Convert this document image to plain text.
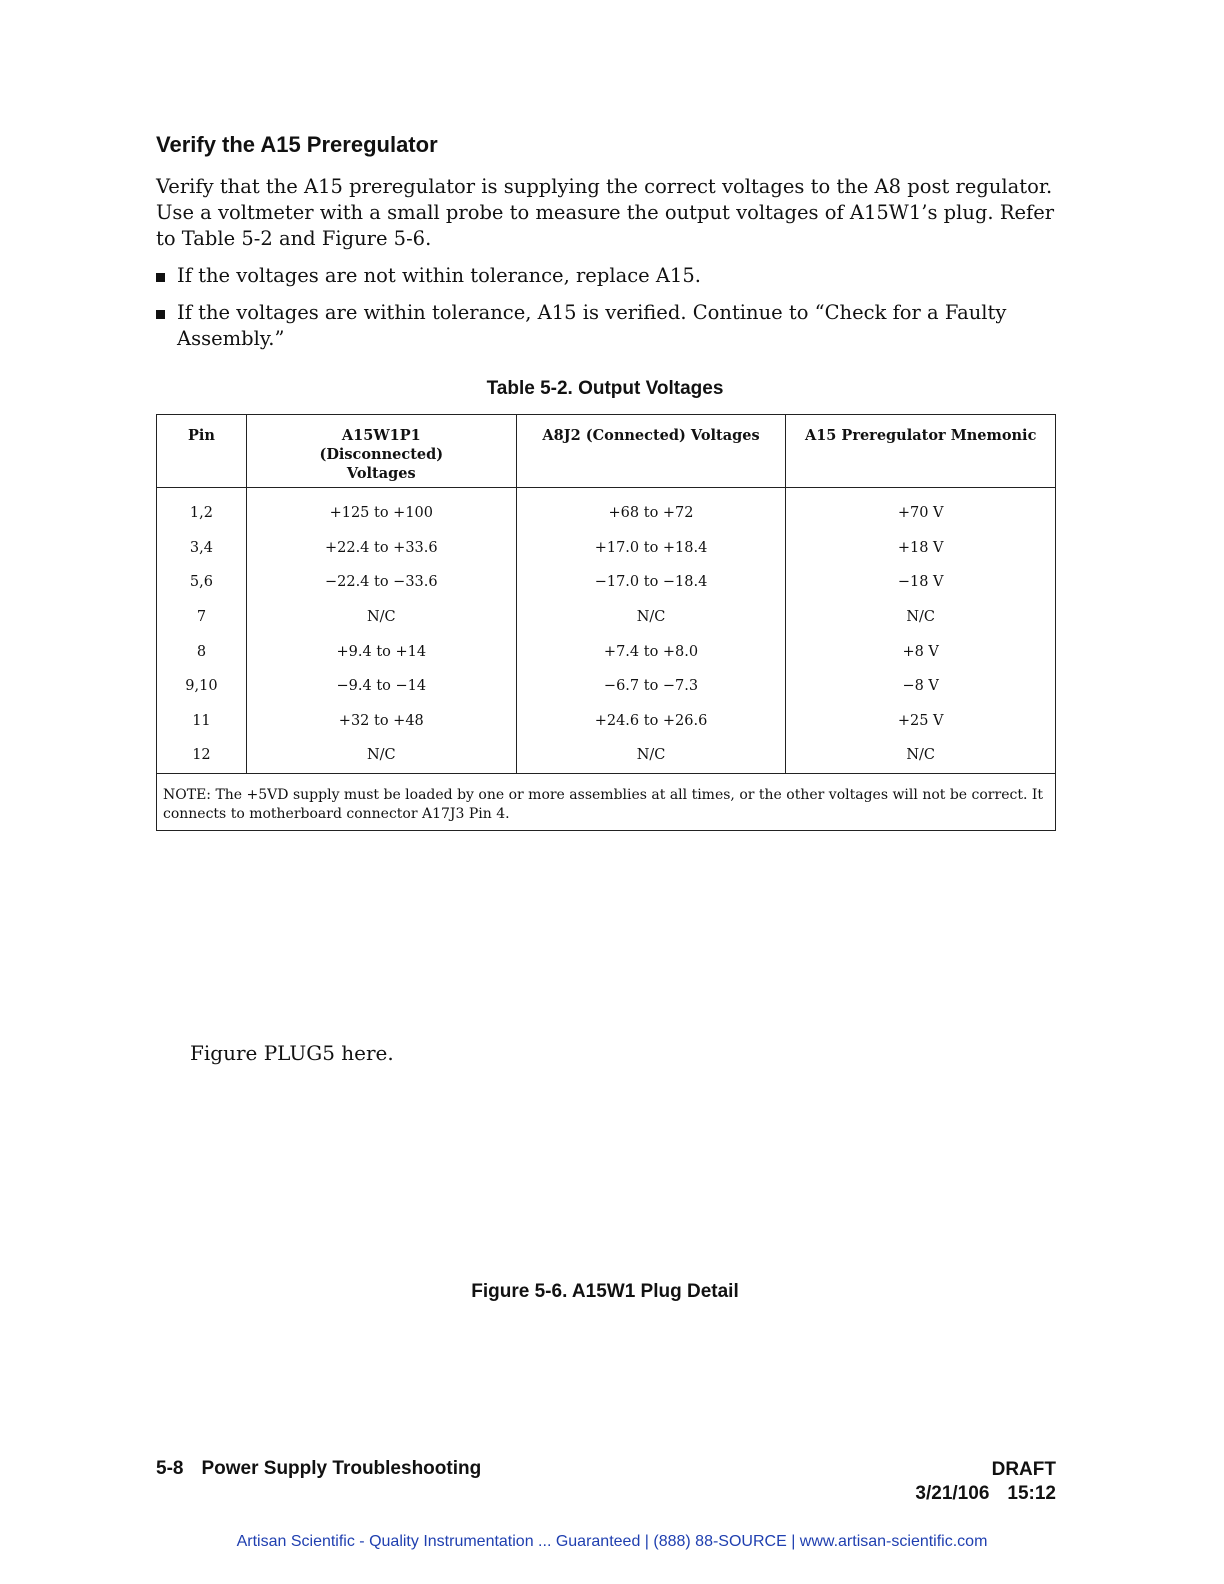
Verify the A15 Preregulator
Verify that the A15 preregulator is supplying the correct voltages to the A8 post regulator. Use a voltmeter with a small probe to measure the output voltages of A15W1’s plug. Refer to Table 5-2 and Figure 5-6.
If the voltages are not within tolerance, replace A15.
If the voltages are within tolerance, A15 is verified. Continue to “Check for a Faulty Assembly.”
Table 5-2. Output Voltages
Pin	A15W1P1 (Disconnected) Voltages	A8J2 (Connected) Voltages	A15 Preregulator Mnemonic
1,2	+125 to +100	+68 to +72	+70 V
3,4	+22.4 to +33.6	+17.0 to +18.4	+18 V
5,6	−22.4 to −33.6	−17.0 to −18.4	−18 V
7	N/C	N/C	N/C
8	+9.4 to +14	+7.4 to +8.0	+8 V
9,10	−9.4 to −14	−6.7 to −7.3	−8 V
11	+32 to +48	+24.6 to +26.6	+25 V
12	N/C	N/C	N/C
NOTE: The +5VD supply must be loaded by one or more assemblies at all times, or the other voltages will not be correct. It connects to motherboard connector A17J3 Pin 4.			
Figure PLUG5 here.
Figure 5-6. A15W1 Plug Detail
5-8 Power Supply Troubleshooting	DRAFT
3/21/106 15:12
Artisan Scientific - Quality Instrumentation ... Guaranteed | (888) 88-SOURCE | www.artisan-scientific.com
